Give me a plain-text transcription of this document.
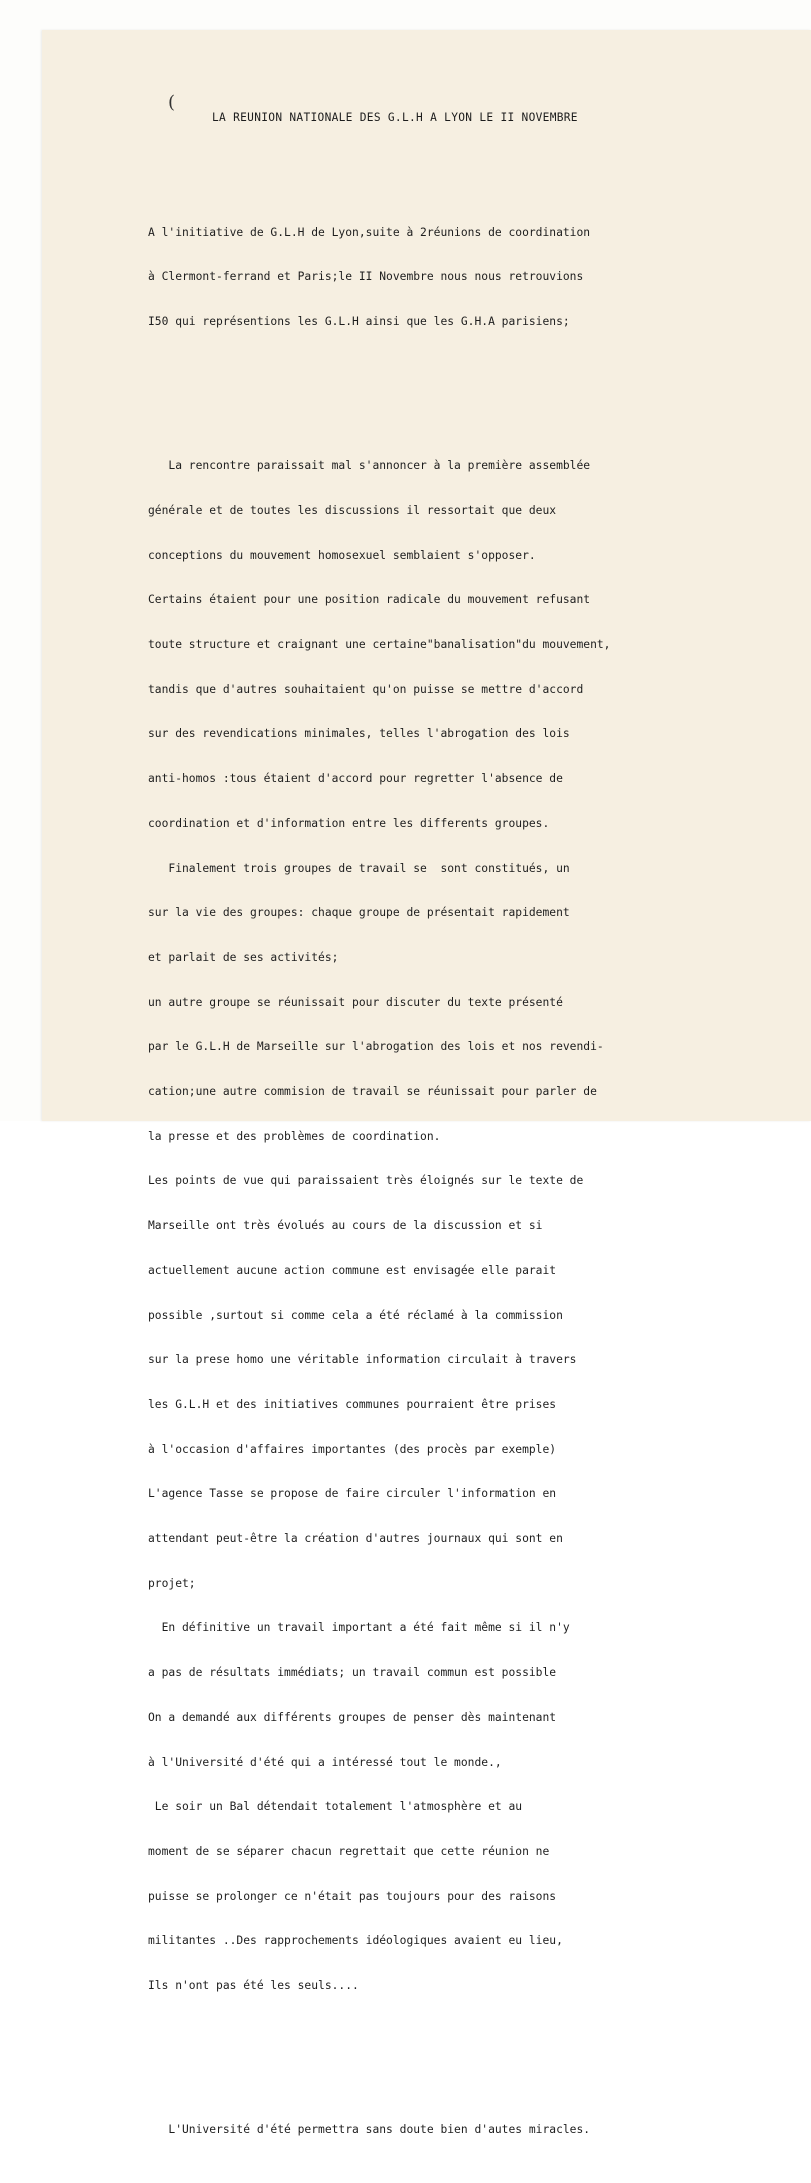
(
LA REUNION NATIONALE DES G.L.H A LYON LE II NOVEMBRE

A l'initiative de G.L.H de Lyon,suite à 2réunions de coordination

à Clermont-ferrand et Paris;le II Novembre nous nous retrouvions

I50 qui représentions les G.L.H ainsi que les G.H.A parisiens;

La rencontre paraissait mal s'annoncer à la première assemblée

générale et de toutes les discussions il ressortait que deux

conceptions du mouvement homosexuel semblaient s'opposer.

Certains étaient pour une position radicale du mouvement refusant

toute structure et craignant une certaine"banalisation"du mouvement,

tandis que d'autres souhaitaient qu'on puisse se mettre d'accord

sur des revendications minimales, telles l'abrogation des lois

anti-homos :tous étaient d'accord pour regretter l'absence de

coordination et d'information entre les differents groupes.

Finalement trois groupes de travail se  sont constitués, un

sur la vie des groupes: chaque groupe de présentait rapidement

et parlait de ses activités;

un autre groupe se réunissait pour discuter du texte présenté

par le G.L.H de Marseille sur l'abrogation des lois et nos revendi-

cation;une autre commision de travail se réunissait pour parler de

la presse et des problèmes de coordination.

Les points de vue qui paraissaient très éloignés sur le texte de

Marseille ont très évolués au cours de la discussion et si

actuellement aucune action commune est envisagée elle parait

possible ,surtout si comme cela a été réclamé à la commission

sur la prese homo une véritable information circulait à travers

les G.L.H et des initiatives communes pourraient être prises

à l'occasion d'affaires importantes (des procès par exemple)

L'agence Tasse se propose de faire circuler l'information en

attendant peut-être la création d'autres journaux qui sont en

projet;

En définitive un travail important a été fait même si il n'y

a pas de résultats immédiats; un travail commun est possible

On a demandé aux différents groupes de penser dès maintenant

à l'Université d'été qui a intéressé tout le monde.,

Le soir un Bal détendait totalement l'atmosphère et au

moment de se séparer chacun regrettait que cette réunion ne

puisse se prolonger ce n'était pas toujours pour des raisons

militantes ..Des rapprochements idéologiques avaient eu lieu,

Ils n'ont pas été les seuls....

L'Université d'été permettra sans doute bien d'autes miracles.
